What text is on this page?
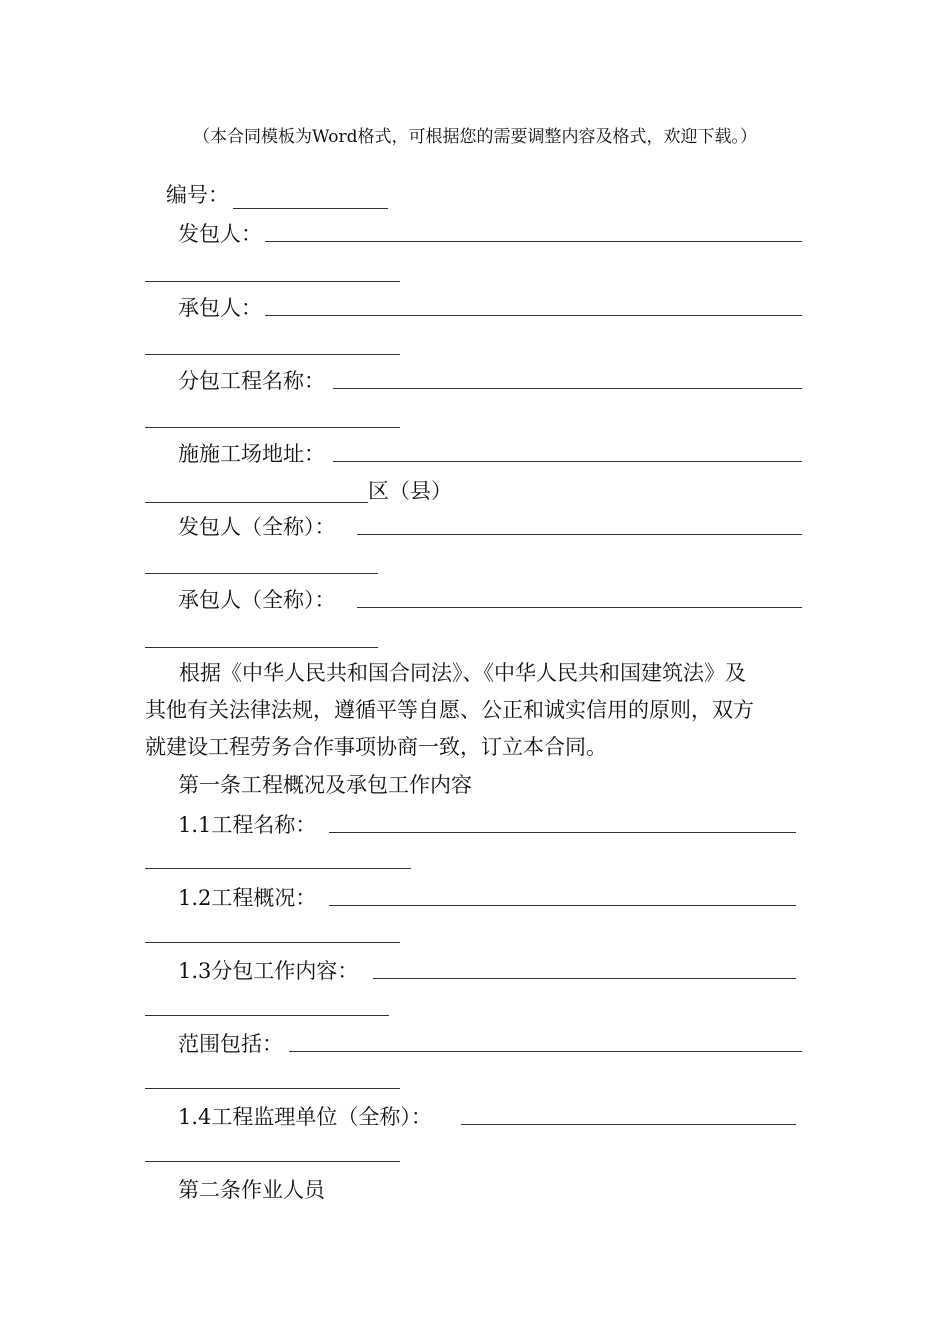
（本合同模板为Word格式，可根据您的需要调整内容及格式，欢迎下载。）
编号：
发包人：
承包人：
分包工程名称：
施施工场地址：
区（县）
发包人（全称）：
承包人（全称）：

根据《中华人民共和国合同法》、《中华人民共和国建筑法》及

其他有关法律法规，遵循平等自愿、公正和诚实信用的原则，双方

就建设工程劳务合作事项协商一致，订立本合同。

第一条工程概况及承包工作内容
1.1工程名称：
1.2工程概况：
1.3分包工作内容：
范围包括：
1.4工程监理单位（全称）：
第二条作业人员
